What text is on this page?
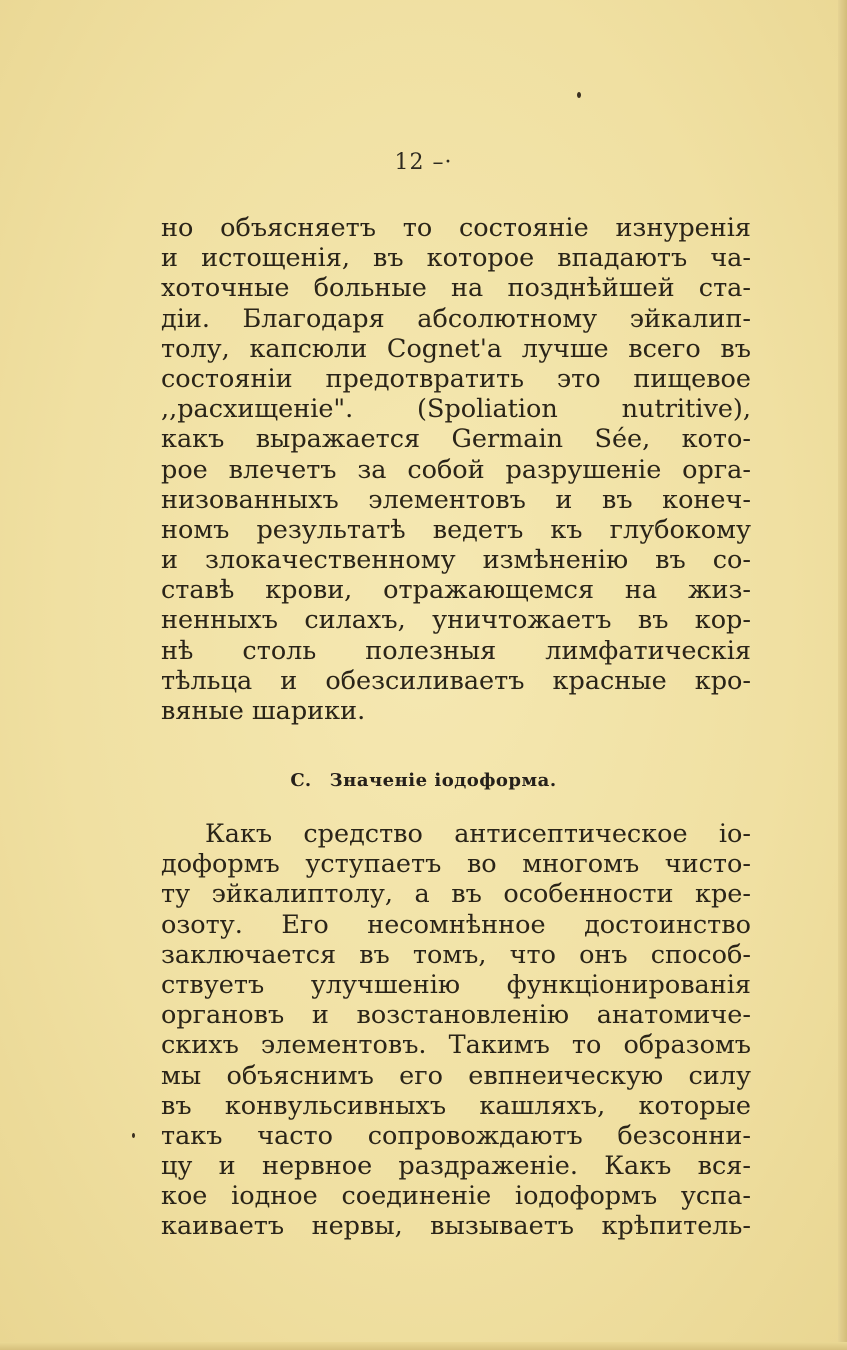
12 –·
но объясняетъ то состоянiе изнуренiя
и истощенiя, въ которое впадаютъ ча-
хоточные больные на позднѣйшей ста-
дiи. Благодаря абсолютному эйкалип-
толу, капсюли Cognet'a лучше всего въ
состоянiи предотвратить это пищевое
,,расхищенiе". (Spoliation nutritive),
какъ выражается Germain Sée, кото-
рое влечетъ за собой разрушенiе орга-
низованныхъ элементовъ и въ конеч-
номъ результатѣ ведетъ къ глубокому
и злокачественному измѣненiю въ со-
ставѣ крови, отражающемся на жиз-
ненныхъ силахъ, уничтожаетъ въ кор-
нѣ столь полезныя лимфатическiя
тѣльца и обезсиливаетъ красные кро-
вяные шарики.
C. Значенiе iодоформа.
Какъ средство антисептическое iо-
доформъ уступаетъ во многомъ чисто-
ту эйкалиптолу, а въ особенности кре-
озоту. Его несомнѣнное достоинство
заключается въ томъ, что онъ способ-
ствуетъ улучшенiю функцiонированiя
органовъ и возстановленiю анатомиче-
скихъ элементовъ. Такимъ то образомъ
мы объяснимъ его евпнеическую силу
въ конвульсивныхъ кашляхъ, которые
такъ часто сопровождаютъ безсонни-
цу и нервное раздраженiе. Какъ вся-
кое iодное соединенiе iодоформъ успа-
каиваетъ нервы, вызываетъ крѣпитель-
